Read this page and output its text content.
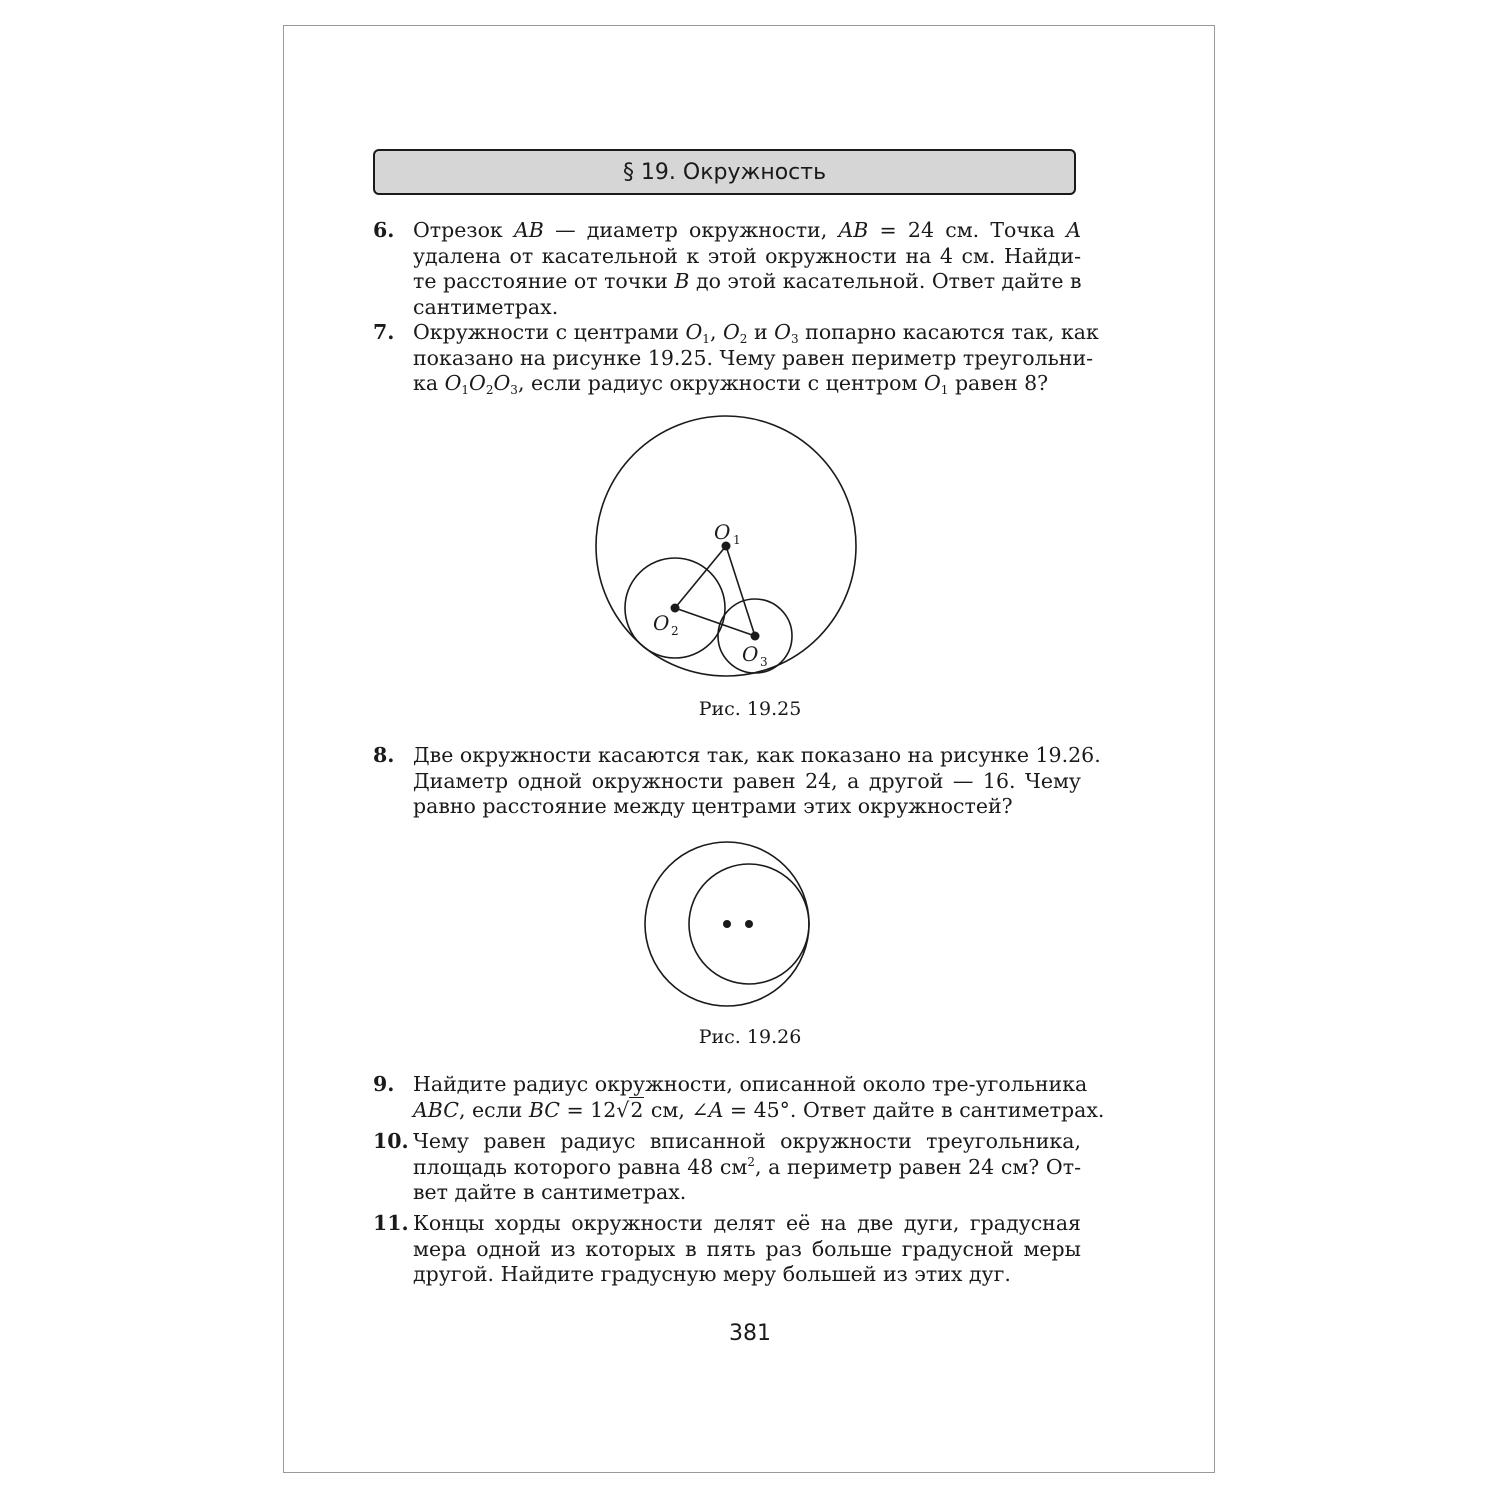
§ 19. Окружность
6. Отрезок AB — диаметр окружности, AB = 24 см. Точка A
удалена от касательной к этой окружности на 4 см. Найди-
те расстояние от точки B до этой касательной. Ответ дайте в
сантиметрах.
7. Окружности с центрами $O_1$, $O_2$ и $O_3$ попарно касаются так, как
показано на рисунке 19.25. Чему равен периметр треугольни-
ка $O_1O_2O_3$, если радиус окружности с центром $O_1$ равен 8?
O 1
O 2
O 3
Рис. 19.25
8. Две окружности касаются так, как показано на рисунке 19.26.
Диаметр одной окружности равен 24, а другой — 16. Чему
равно расстояние между центрами этих окружностей?
Рис. 19.26
9. Найдите радиус окружности, описанной около тре-угольника
ABC, если BC = 12√2 см, ∠A = 45°. Ответ дайте в сантиметрах.
10. Чему равен радиус вписанной окружности треугольника,
площадь которого равна 48 $см^2$, а периметр равен 24 см? От-
вет дайте в сантиметрах.
11. Концы хорды окружности делят её на две дуги, градусная
мера одной из которых в пять раз больше градусной меры
другой. Найдите градусную меру большей из этих дуг.
381
